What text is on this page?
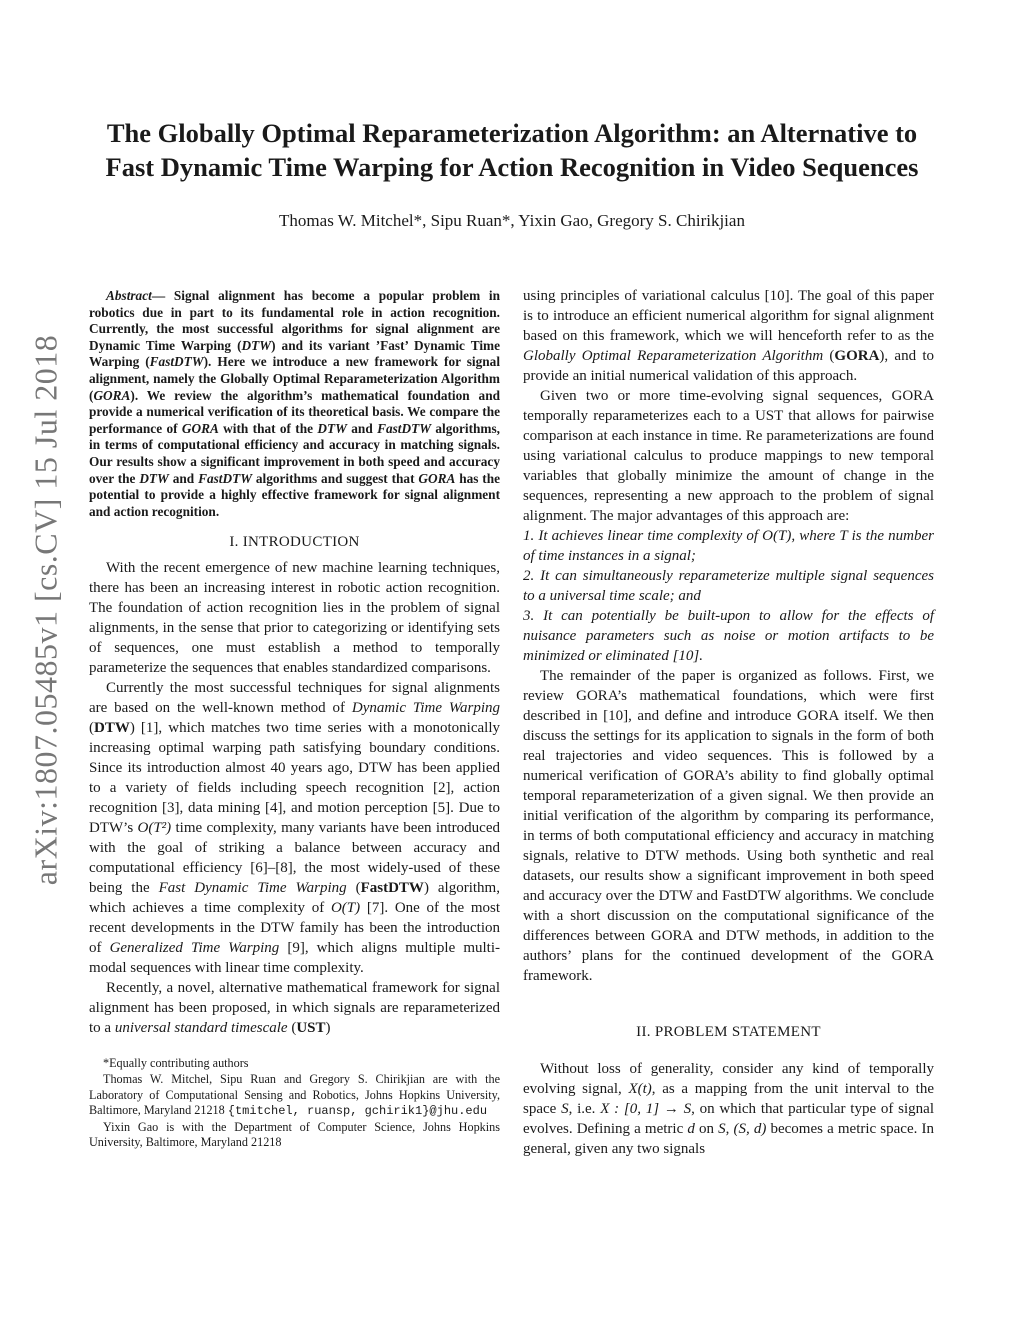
The Globally Optimal Reparameterization Algorithm: an Alternative to
Fast Dynamic Time Warping for Action Recognition in Video Sequences
Thomas W. Mitchel*, Sipu Ruan*, Yixin Gao, Gregory S. Chirikjian
arXiv:1807.05485v1 [cs.CV] 15 Jul 2018

Abstract— Signal alignment has become a popular problem in robotics due in part to its fundamental role in action recognition. Currently, the most successful algorithms for signal alignment are Dynamic Time Warping (DTW) and its variant ’Fast’ Dynamic Time Warping (FastDTW). Here we introduce a new framework for signal alignment, namely the Globally Optimal Reparameterization Algorithm (GORA). We review the algorithm’s mathematical foundation and provide a numerical verification of its theoretical basis. We compare the performance of GORA with that of the DTW and FastDTW algorithms, in terms of computational efficiency and accuracy in matching signals. Our results show a significant improvement in both speed and accuracy over the DTW and FastDTW algorithms and suggest that GORA has the potential to provide a highly effective framework for signal alignment and action recognition.

I. INTRODUCTION

With the recent emergence of new machine learning techniques, there has been an increasing interest in robotic action recognition. The foundation of action recognition lies in the problem of signal alignments, in the sense that prior to categorizing or identifying sets of sequences, one must establish a method to temporally parameterize the sequences that enables standardized comparisons.

Currently the most successful techniques for signal alignments are based on the well-known method of Dynamic Time Warping (DTW) [1], which matches two time series with a monotonically increasing optimal warping path satisfying boundary conditions. Since its introduction almost 40 years ago, DTW has been applied to a variety of fields including speech recognition [2], action recognition [3], data mining [4], and motion perception [5]. Due to DTW’s O(T²) time complexity, many variants have been introduced with the goal of striking a balance between accuracy and computational efficiency [6]–[8], the most widely-used of these being the Fast Dynamic Time Warping (FastDTW) algorithm, which achieves a time complexity of O(T) [7]. One of the most recent developments in the DTW family has been the introduction of Generalized Time Warping [9], which aligns multiple multi-modal sequences with linear time complexity.

Recently, a novel, alternative mathematical framework for signal alignment has been proposed, in which signals are reparameterized to a universal standard timescale (UST)

*Equally contributing authors

Thomas W. Mitchel, Sipu Ruan and Gregory S. Chirikjian are with the Laboratory of Computational Sensing and Robotics, Johns Hopkins University, Baltimore, Maryland 21218 {tmitchel, ruansp, gchirik1}@jhu.edu

Yixin Gao is with the Department of Computer Science, Johns Hopkins University, Baltimore, Maryland 21218

using principles of variational calculus [10]. The goal of this paper is to introduce an efficient numerical algorithm for signal alignment based on this framework, which we will henceforth refer to as the Globally Optimal Reparameterization Algorithm (GORA), and to provide an initial numerical validation of this approach.

Given two or more time-evolving signal sequences, GORA temporally reparameterizes each to a UST that allows for pairwise comparison at each instance in time. Re parameterizations are found using variational calculus to produce mappings to new temporal variables that globally minimize the amount of change in the sequences, representing a new approach to the problem of signal alignment. The major advantages of this approach are:

1. It achieves linear time complexity of O(T), where T is the number of time instances in a signal;

2. It can simultaneously reparameterize multiple signal sequences to a universal time scale; and

3. It can potentially be built-upon to allow for the effects of nuisance parameters such as noise or motion artifacts to be minimized or eliminated [10].

The remainder of the paper is organized as follows. First, we review GORA’s mathematical foundations, which were first described in [10], and define and introduce GORA itself. We then discuss the settings for its application to signals in the form of both real trajectories and video sequences. This is followed by a numerical verification of GORA’s ability to find globally optimal temporal reparameterization of a given signal. We then provide an initial verification of the algorithm by comparing its performance, in terms of both computational efficiency and accuracy in matching signals, relative to DTW methods. Using both synthetic and real datasets, our results show a significant improvement in both speed and accuracy over the DTW and FastDTW algorithms. We conclude with a short discussion on the computational significance of the differences between GORA and DTW methods, in addition to the authors’ plans for the continued development of the GORA framework.

II. PROBLEM STATEMENT

Without loss of generality, consider any kind of temporally evolving signal, X(t), as a mapping from the unit interval to the space S, i.e. X : [0, 1] → S, on which that particular type of signal evolves. Defining a metric d on S, (S, d) becomes a metric space. In general, given any two signals
